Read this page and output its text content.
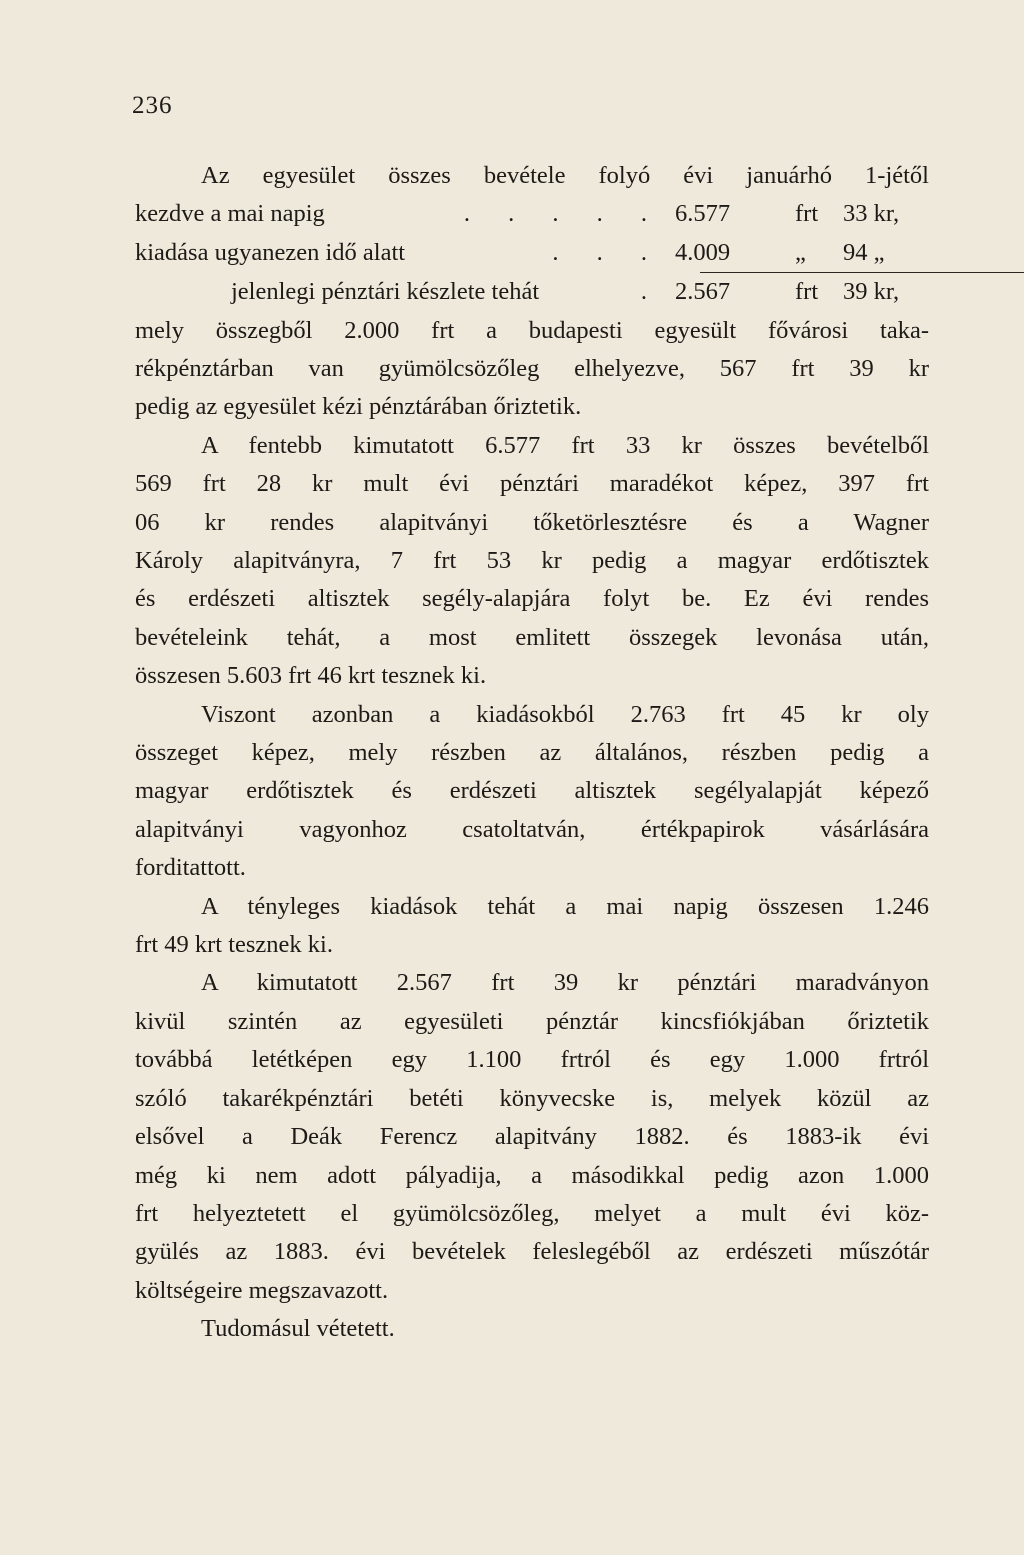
236

Az egyesület összes bevétele folyó évi januárhó 1-jétől

kezdve a mai napig	. . . . . 6.577	frt	33 kr,
kiadása ugyanezen idő alatt	. . . 4.009	„	94 „
jelenlegi pénztári készlete tehát	. 2.567	frt	39 kr,

mely összegből 2.000 frt a budapesti egyesült fővárosi taka-

rékpénztárban van gyümölcsözőleg elhelyezve, 567 frt 39 kr

pedig az egyesület kézi pénztárában őriztetik.

A fentebb kimutatott 6.577 frt 33 kr összes bevételből

569 frt 28 kr mult évi pénztári maradékot képez, 397 frt

06 kr rendes alapitványi tőketörlesztésre és a Wagner

Károly alapitványra, 7 frt 53 kr pedig a magyar erdőtisztek

és erdészeti altisztek segély-alapjára folyt be. Ez évi rendes

bevételeink tehát, a most emlitett összegek levonása után,

összesen 5.603 frt 46 krt tesznek ki.

Viszont azonban a kiadásokból 2.763 frt 45 kr oly

összeget képez, mely részben az általános, részben pedig a

magyar erdőtisztek és erdészeti altisztek segélyalapját képező

alapitványi vagyonhoz csatoltatván, értékpapirok vásárlására

forditattott.

A tényleges kiadások tehát a mai napig összesen 1.246

frt 49 krt tesznek ki.

A kimutatott 2.567 frt 39 kr pénztári maradványon

kivül szintén az egyesületi pénztár kincsfiókjában őriztetik

továbbá letétképen egy 1.100 frtról és egy 1.000 frtról

szóló takarékpénztári betéti könyvecske is, melyek közül az

elsővel a Deák Ferencz alapitvány 1882. és 1883-ik évi

még ki nem adott pályadija, a másodikkal pedig azon 1.000

frt helyeztetett el gyümölcsözőleg, melyet a mult évi köz-

gyülés az 1883. évi bevételek feleslegéből az erdészeti műszótár

költségeire megszavazott.

Tudomásul vétetett.
